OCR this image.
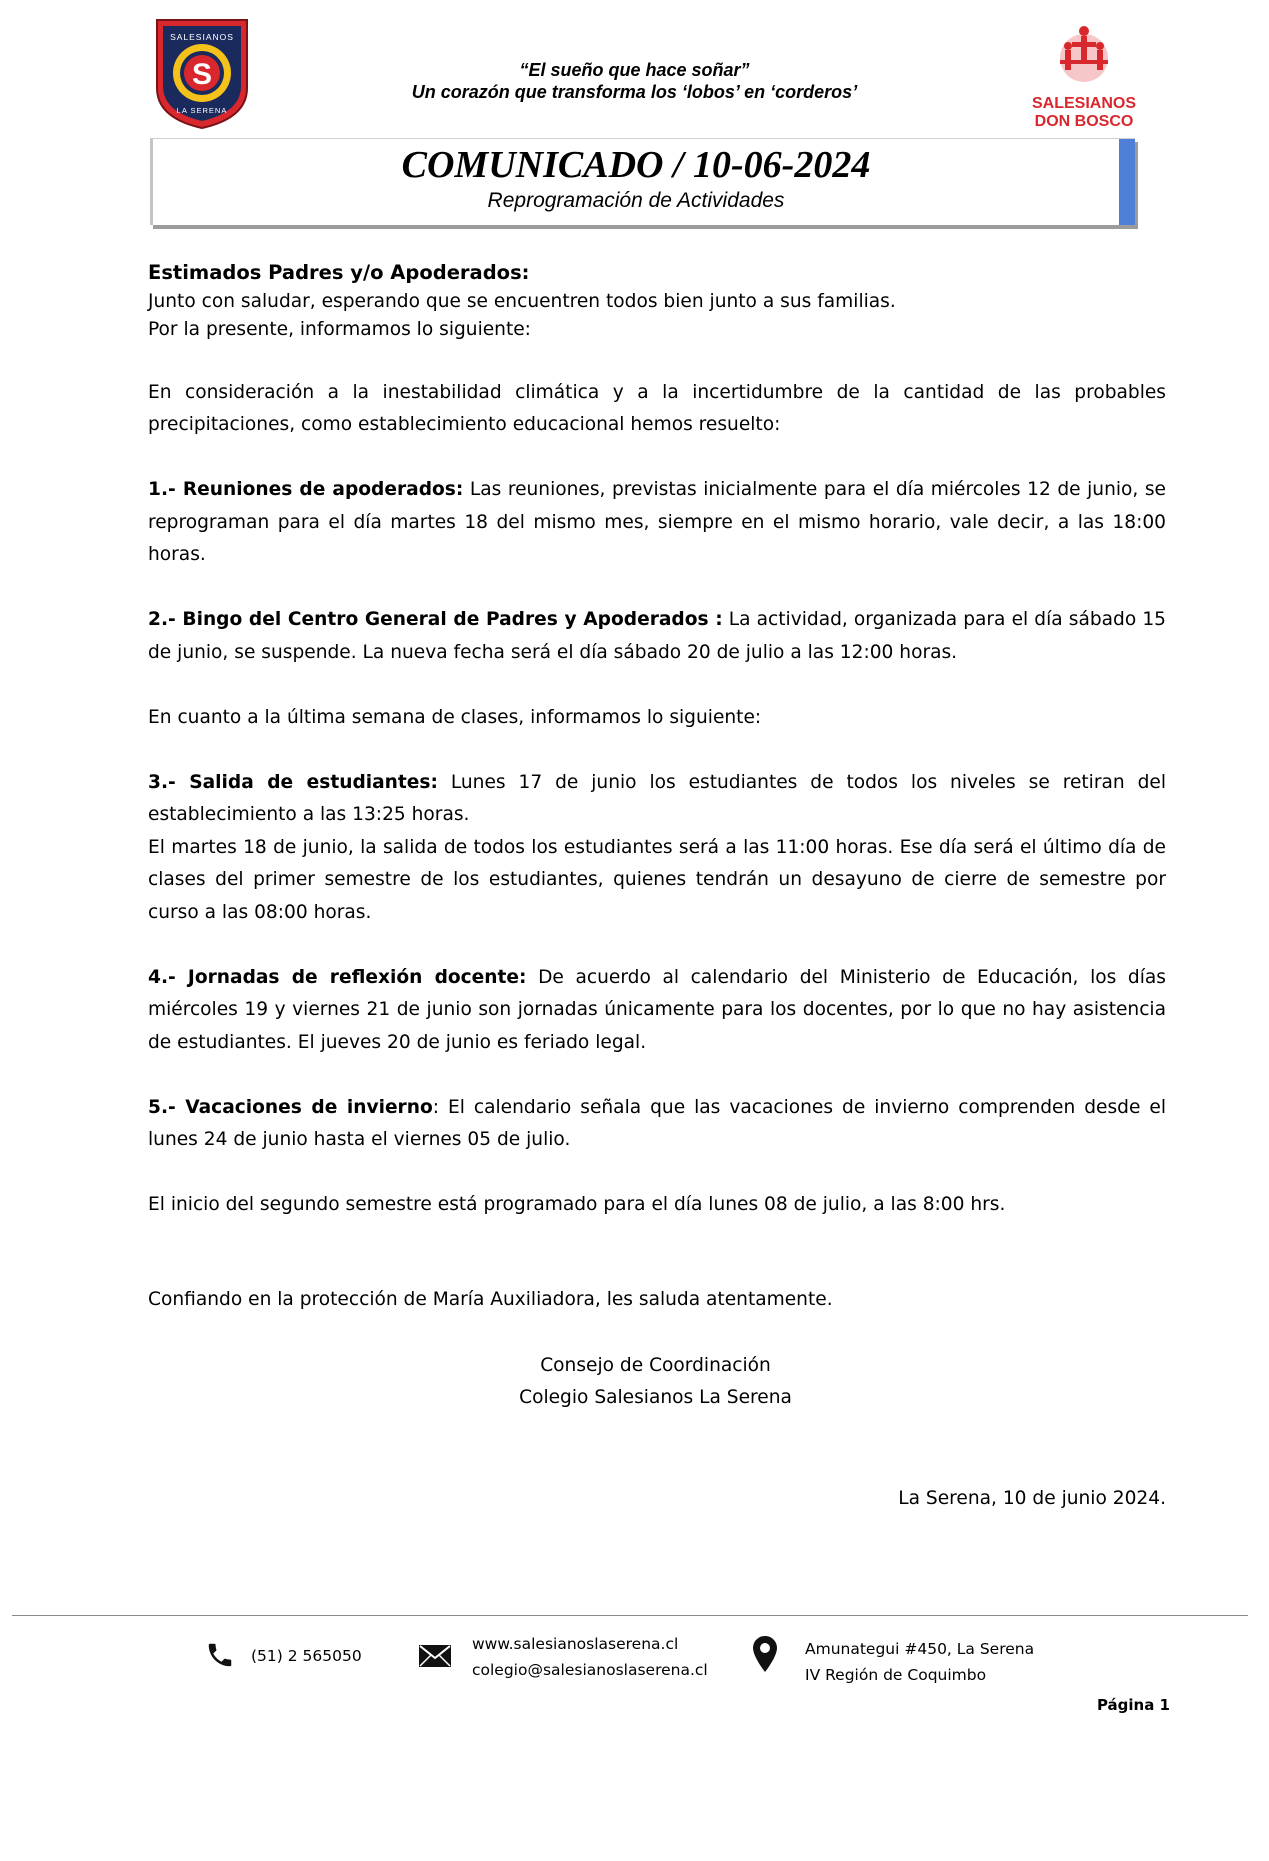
S
SALESIANOS
LA SERENA
“El sueño que hace soñar”
Un corazón que transforma los ‘lobos’ en ‘corderos’
SALESIANOS
DON BOSCO
COMUNICADO / 10-06-2024
Reprogramación de Actividades

Estimados Padres y/o Apoderados:

Junto con saludar, esperando que se encuentren todos bien junto a sus familias.

Por la presente, informamos lo siguiente:

En consideración a la inestabilidad climática y a la incertidumbre de la cantidad de las probables precipitaciones, como establecimiento educacional hemos resuelto:

1.- Reuniones de apoderados: Las reuniones, previstas inicialmente para el día miércoles 12 de junio, se reprograman para el día martes 18 del mismo mes, siempre en el mismo horario, vale decir, a las 18:00 horas.

2.- Bingo del Centro General de Padres y Apoderados : La actividad, organizada para el día sábado 15 de junio, se suspende. La nueva fecha será el día sábado 20 de julio a las 12:00 horas.

En cuanto a la última semana de clases, informamos lo siguiente:

3.- Salida de estudiantes: Lunes 17 de junio los estudiantes de todos los niveles se retiran del establecimiento a las 13:25 horas.

El martes 18 de junio, la salida de todos los estudiantes será a las 11:00 horas. Ese día será el último día de clases del primer semestre de los estudiantes, quienes tendrán un desayuno de cierre de semestre por curso a las 08:00 horas.

4.- Jornadas de reflexión docente: De acuerdo al calendario del Ministerio de Educación, los días miércoles 19 y viernes 21 de junio son jornadas únicamente para los docentes, por lo que no hay asistencia de estudiantes. El jueves 20 de junio es feriado legal.

5.- Vacaciones de invierno: El calendario señala que las vacaciones de invierno comprenden desde el lunes 24 de junio hasta el viernes 05 de julio.

El inicio del segundo semestre está programado para el día lunes 08 de julio, a las 8:00 hrs.

Confiando en la protección de María Auxiliadora, les saluda atentamente.

Consejo de Coordinación
Colegio Salesianos La Serena
La Serena, 10 de junio 2024.
(51) 2 565050
www.salesianoslaserena.cl
colegio@salesianoslaserena.cl
Amunategui #450, La Serena
IV Región de Coquimbo
Página 1
